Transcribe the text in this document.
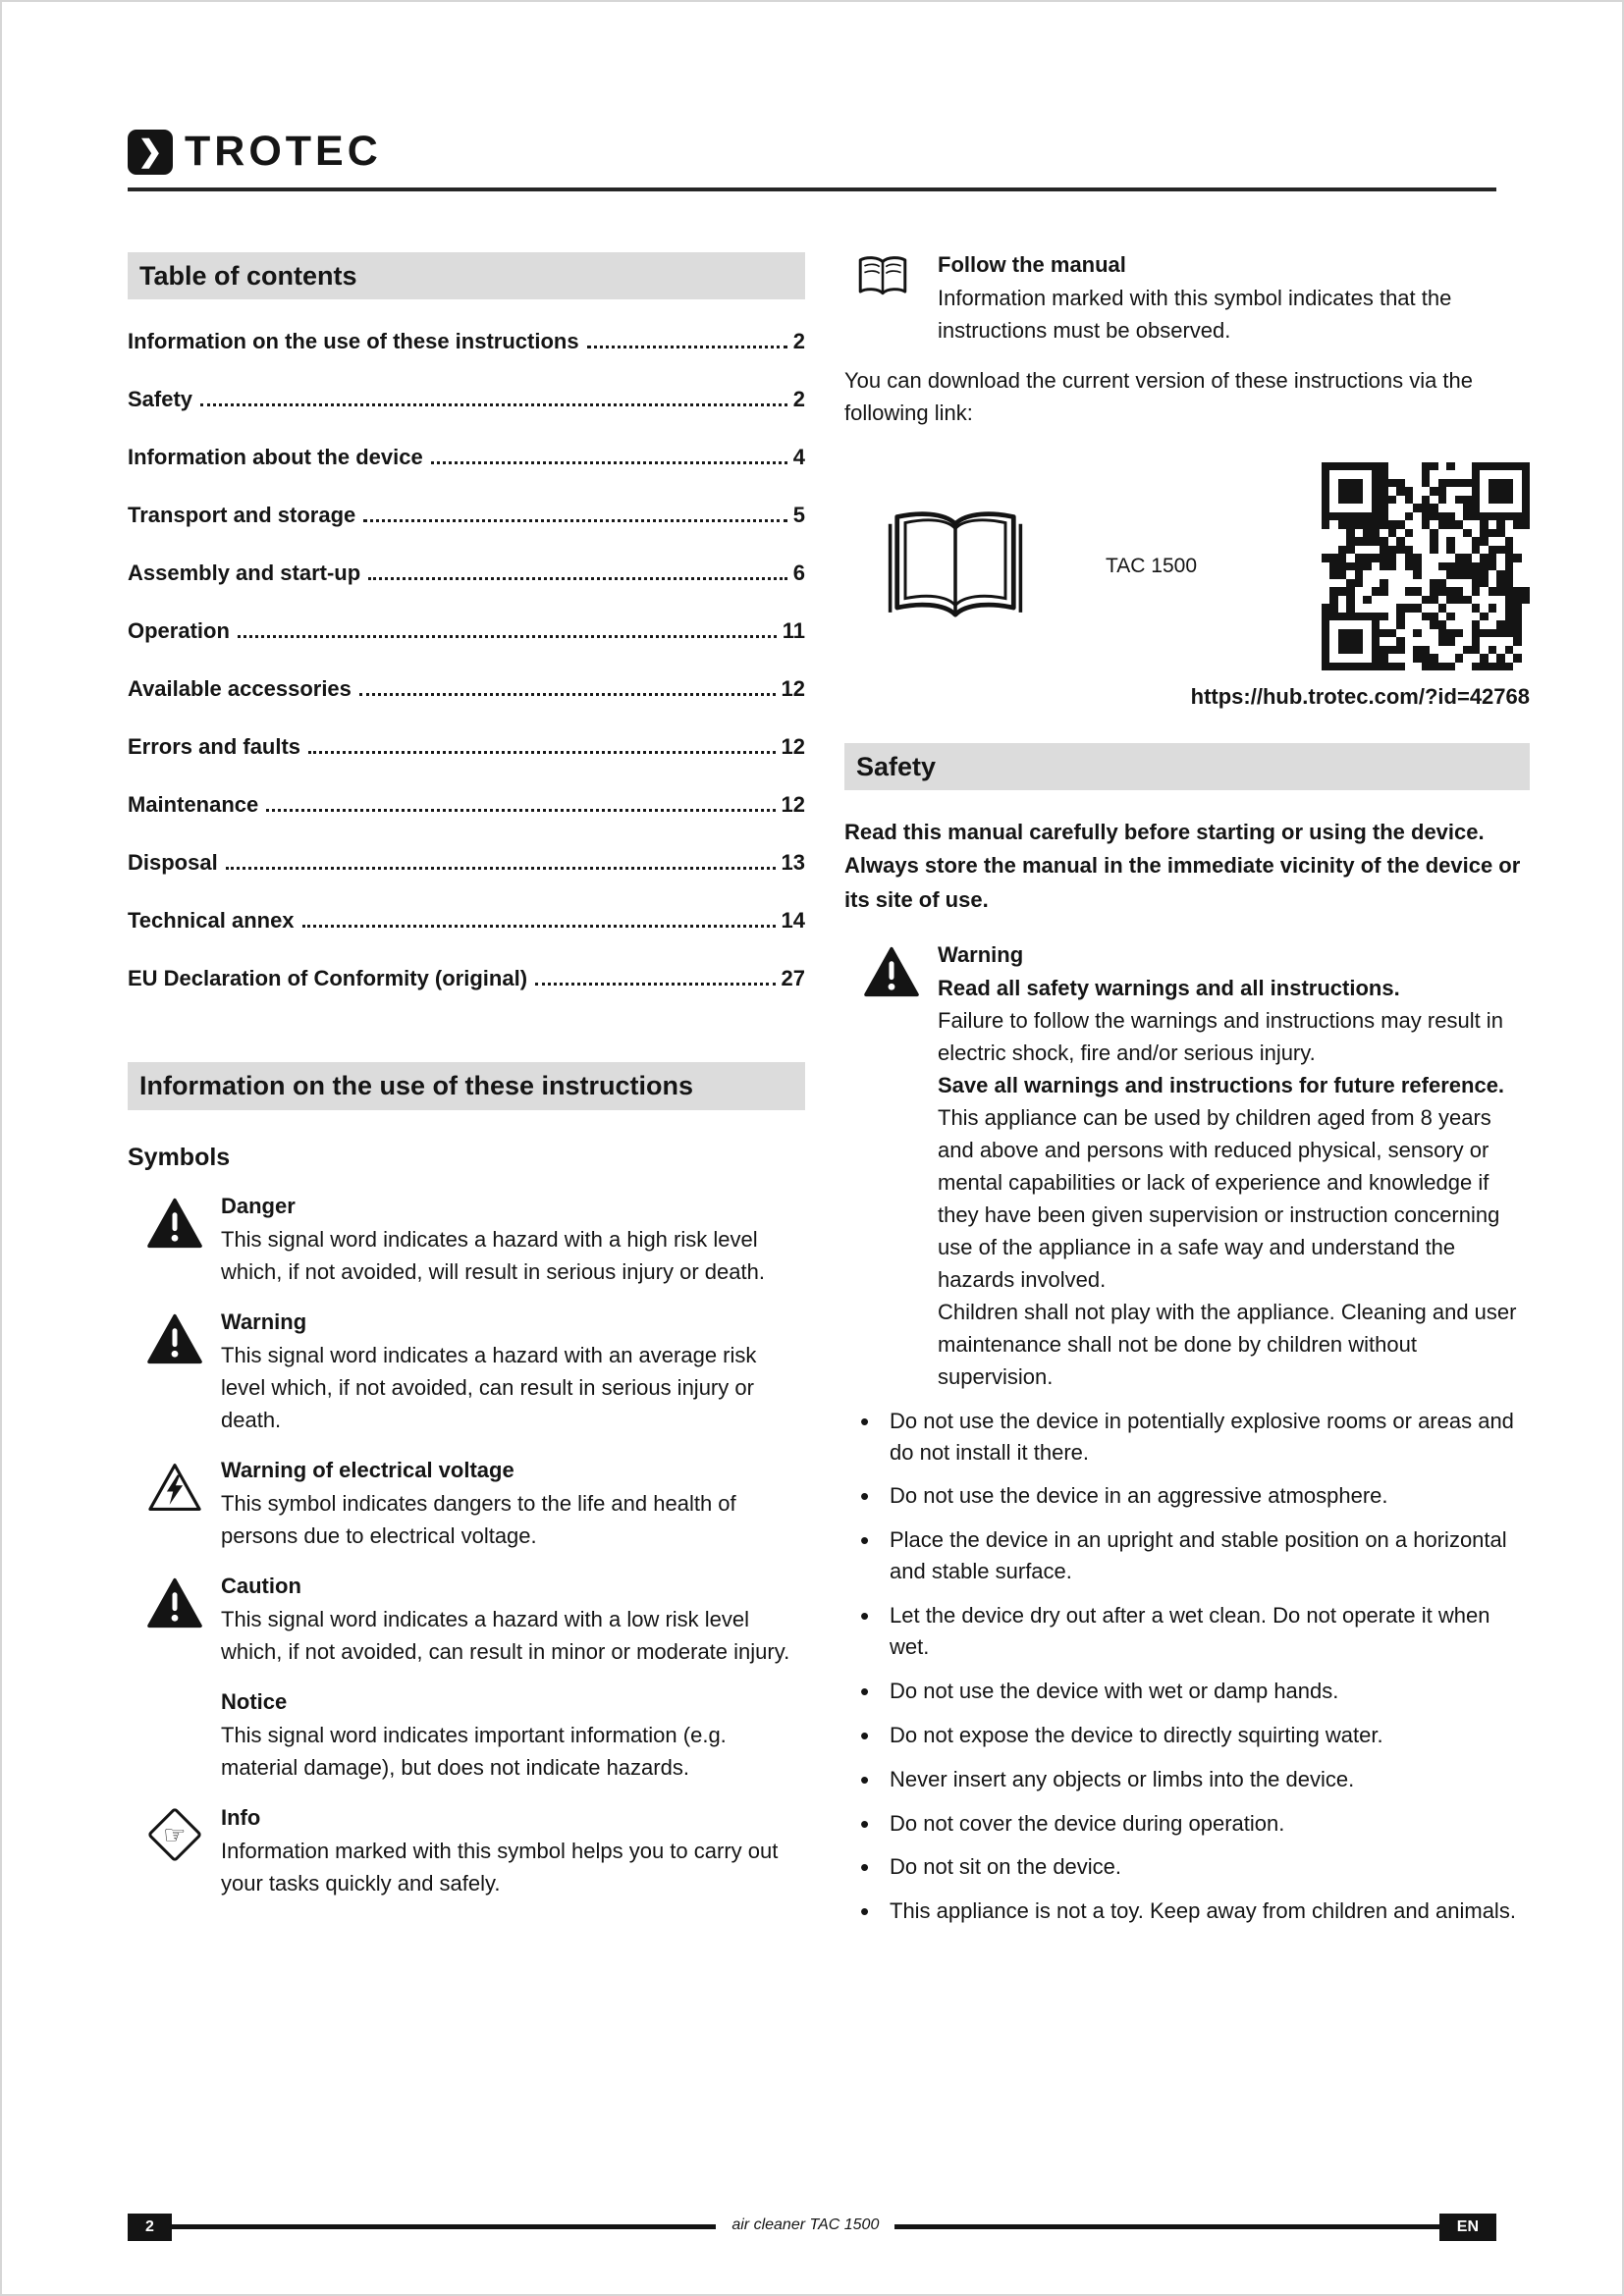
❯ TROTEC
Table of contents
Information on the use of these instructions	2
Safety	2
Information about the device	4
Transport and storage	5
Assembly and start-up	6
Operation	11
Available accessories	12
Errors and faults	12
Maintenance	12
Disposal	13
Technical annex	14
EU Declaration of Conformity (original)	27
Information on the use of these instructions
Symbols
Danger
This signal word indicates a hazard with a high risk level which, if not avoided, will result in serious injury or death.
Warning
This signal word indicates a hazard with an average risk level which, if not avoided, can result in serious injury or death.
Warning of electrical voltage
This symbol indicates dangers to the life and health of persons due to electrical voltage.
Caution
This signal word indicates a hazard with a low risk level which, if not avoided, can result in minor or moderate injury.
Notice
This signal word indicates important information (e.g. material damage), but does not indicate hazards.
☞
Info
Information marked with this symbol helps you to carry out your tasks quickly and safely.
Follow the manual
Information marked with this symbol indicates that the instructions must be observed.
You can download the current version of these instructions via the following link:
TAC 1500
https://hub.trotec.com/?id=42768
Safety
Read this manual carefully before starting or using the device. Always store the manual in the immediate vicinity of the device or its site of use.
Warning

Read all safety warnings and all instructions.

Failure to follow the warnings and instructions may result in electric shock, fire and/or serious injury.

Save all warnings and instructions for future reference.

This appliance can be used by children aged from 8 years and above and persons with reduced physical, sensory or mental capabilities or lack of experience and knowledge if they have been given supervision or instruction concerning use of the appliance in a safe way and understand the hazards involved.

Children shall not play with the appliance. Cleaning and user maintenance shall not be done by children without supervision.

• Do not use the device in potentially explosive rooms or areas and do not install it there.
• Do not use the device in an aggressive atmosphere.
• Place the device in an upright and stable position on a horizontal and stable surface.
• Let the device dry out after a wet clean. Do not operate it when wet.
• Do not use the device with wet or damp hands.
• Do not expose the device to directly squirting water.
• Never insert any objects or limbs into the device.
• Do not cover the device during operation.
• Do not sit on the device.
• This appliance is not a toy. Keep away from children and animals.
2	air cleaner TAC 1500	EN
